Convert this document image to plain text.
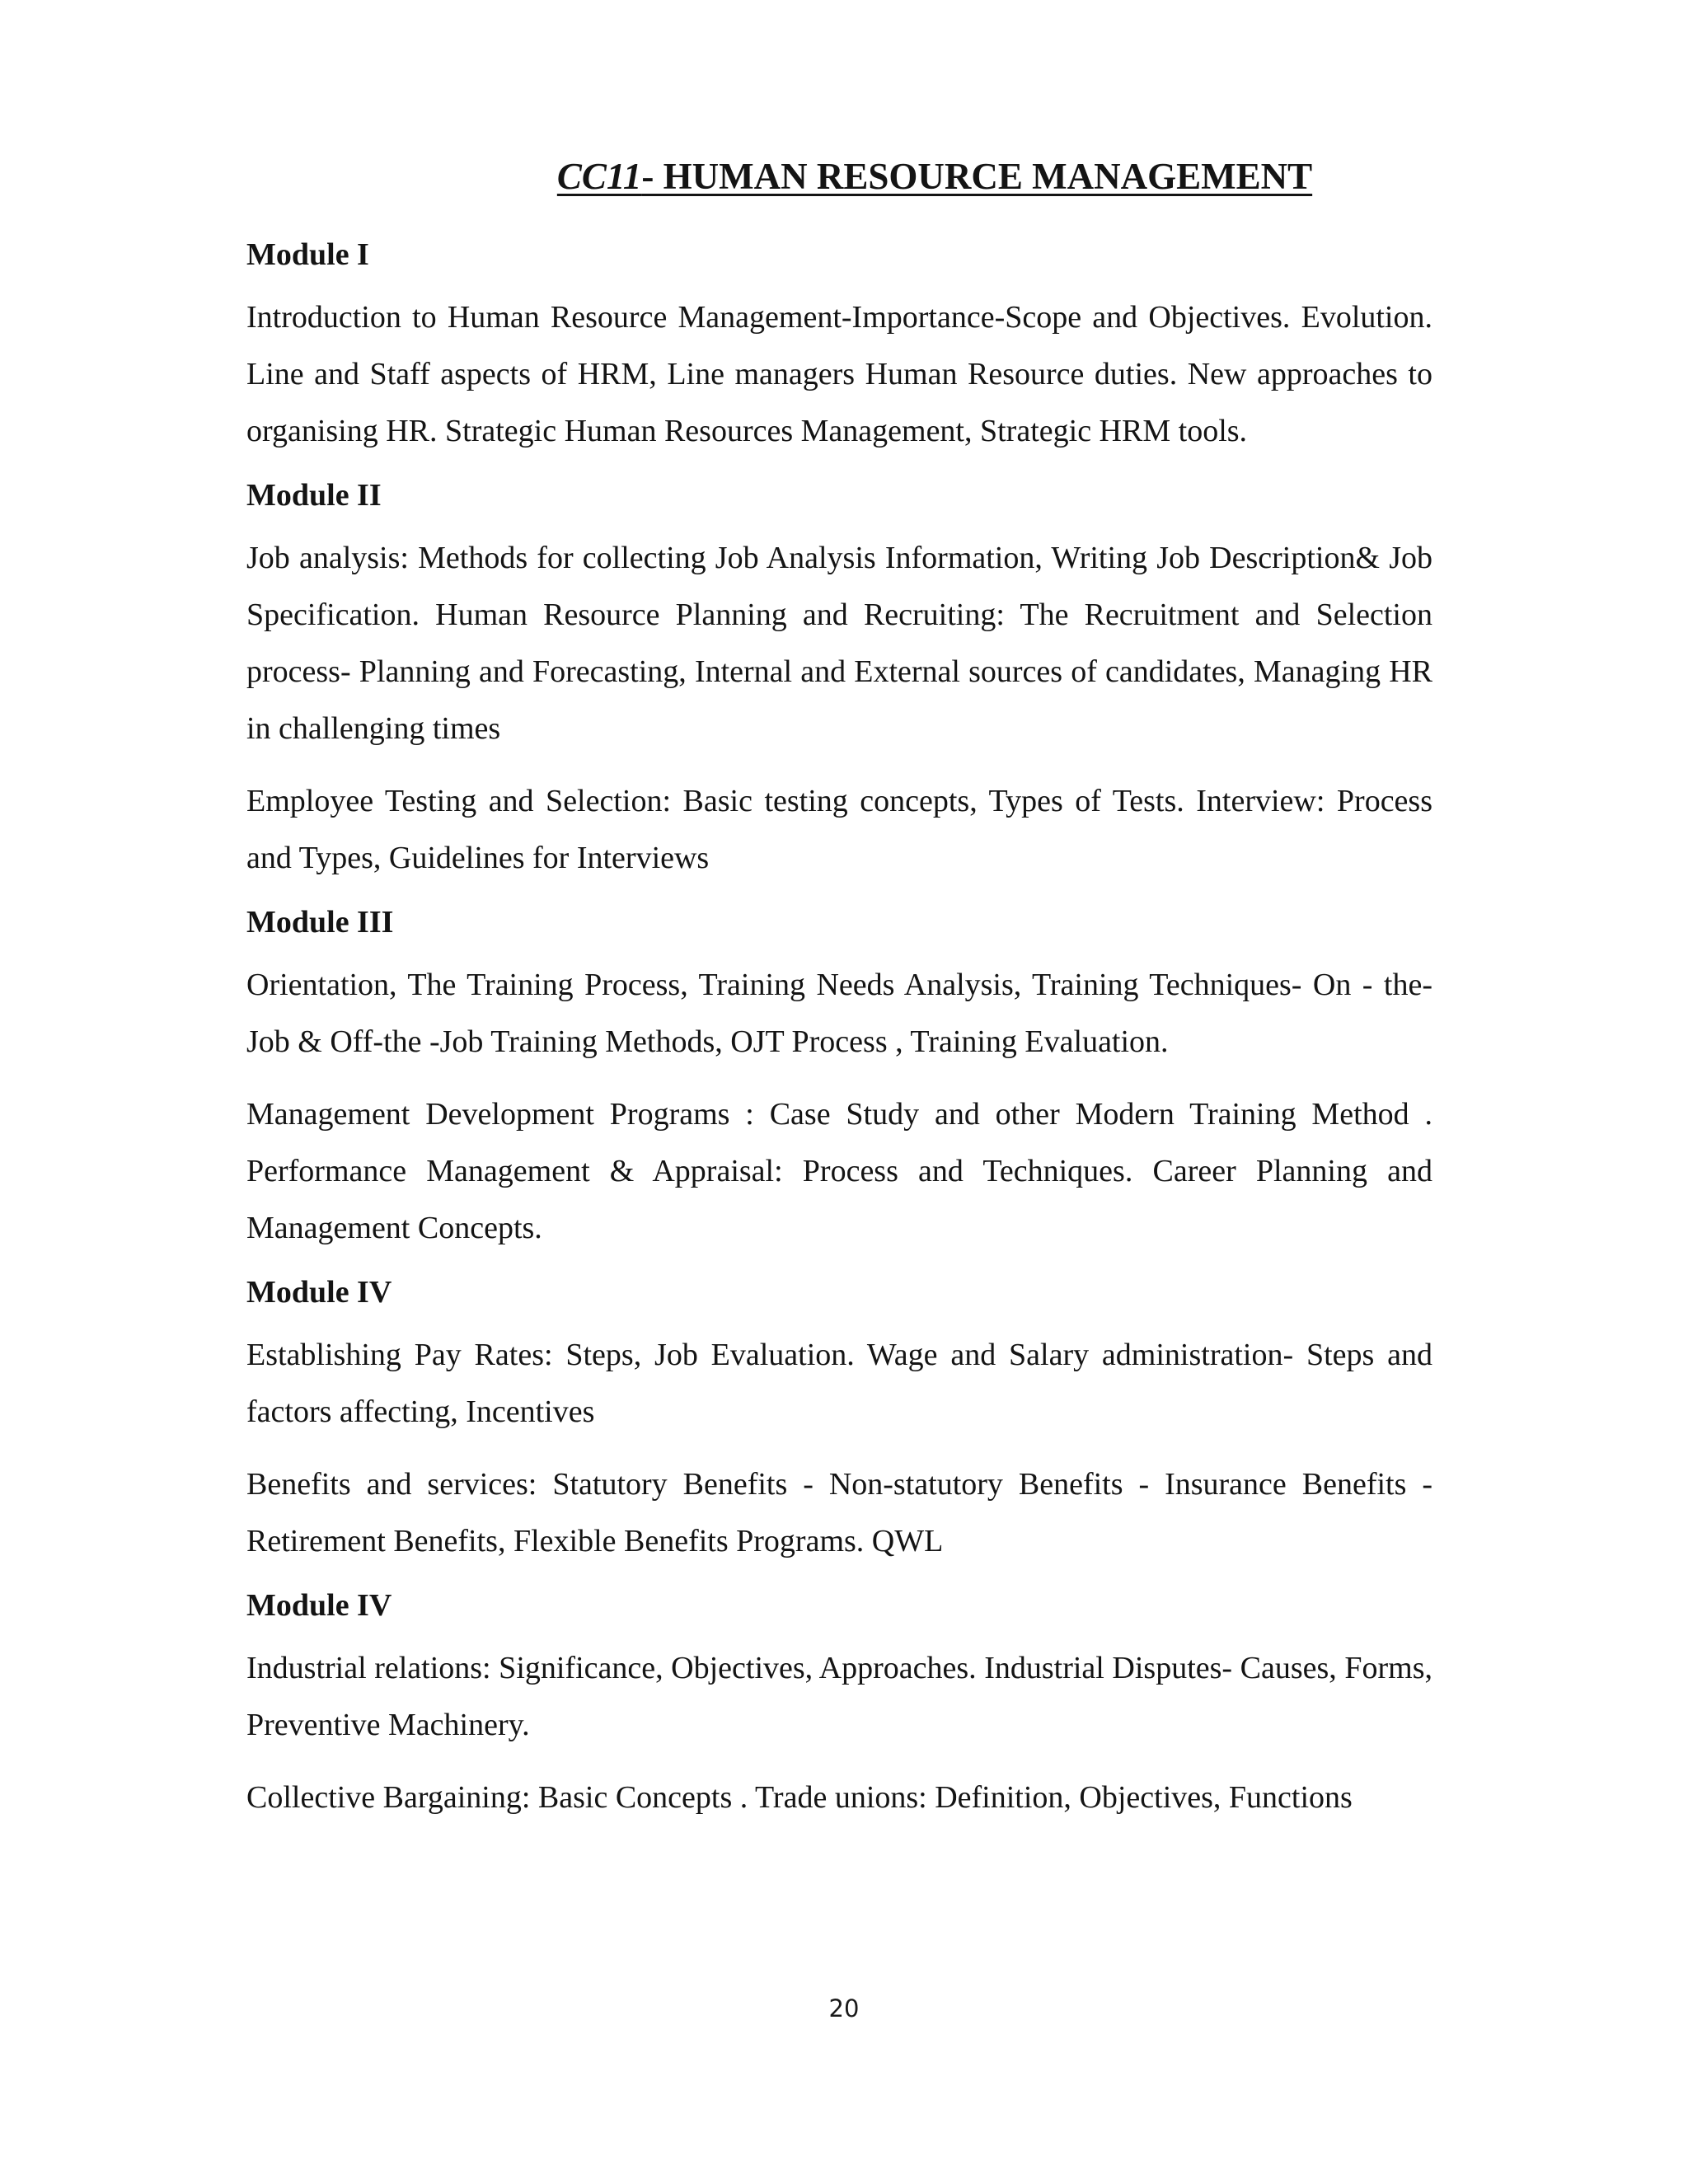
CC11- HUMAN RESOURCE MANAGEMENT
Module I
Introduction to Human Resource Management-Importance-Scope and Objectives. Evolution. Line and Staff aspects of HRM, Line managers Human Resource duties. New approaches to organising HR. Strategic Human Resources Management, Strategic HRM tools.
Module II
Job analysis: Methods for collecting Job Analysis Information, Writing Job Description& Job Specification. Human Resource Planning and Recruiting: The Recruitment and Selection process- Planning and Forecasting, Internal and External sources of candidates, Managing HR in challenging times
Employee Testing and Selection: Basic testing concepts, Types of Tests. Interview: Process and Types, Guidelines for Interviews
Module III
Orientation, The Training Process, Training Needs Analysis, Training Techniques- On - the-Job & Off-the -Job Training Methods, OJT Process , Training Evaluation.
Management Development Programs : Case Study and other Modern Training Method . Performance Management & Appraisal: Process and Techniques. Career Planning and Management Concepts.
Module IV
Establishing Pay Rates: Steps, Job Evaluation. Wage and Salary administration- Steps and factors affecting, Incentives
Benefits and services: Statutory Benefits - Non-statutory Benefits - Insurance Benefits - Retirement Benefits, Flexible Benefits Programs. QWL
Module IV
Industrial relations: Significance, Objectives, Approaches. Industrial Disputes- Causes, Forms, Preventive Machinery.
Collective Bargaining: Basic Concepts . Trade unions: Definition, Objectives, Functions
20
